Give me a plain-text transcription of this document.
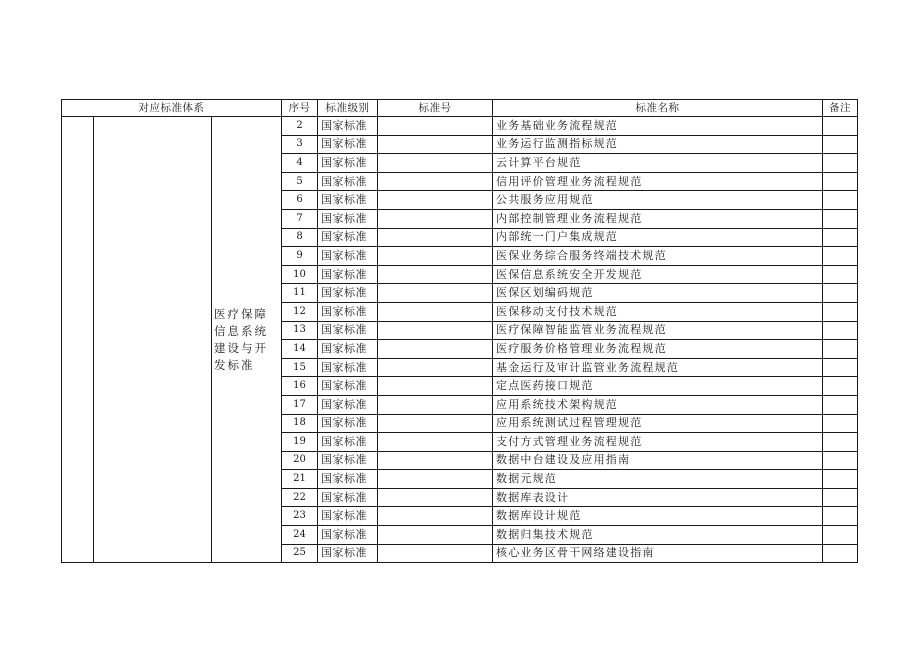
对应标准体系			序号	标准级别	标准号	标准名称	备注
		医疗保障信息系统建设与开发标准	2	国家标准		业务基础业务流程规范	
			3	国家标准		业务运行监测指标规范	
			4	国家标准		云计算平台规范	
			5	国家标准		信用评价管理业务流程规范	
			6	国家标准		公共服务应用规范	
			7	国家标准		内部控制管理业务流程规范	
			8	国家标准		内部统一门户集成规范	
			9	国家标准		医保业务综合服务终端技术规范	
			10	国家标准		医保信息系统安全开发规范	
			11	国家标准		医保区划编码规范	
			12	国家标准		医保移动支付技术规范	
			13	国家标准		医疗保障智能监管业务流程规范	
			14	国家标准		医疗服务价格管理业务流程规范	
			15	国家标准		基金运行及审计监管业务流程规范	
			16	国家标准		定点医药接口规范	
			17	国家标准		应用系统技术架构规范	
			18	国家标准		应用系统测试过程管理规范	
			19	国家标准		支付方式管理业务流程规范	
			20	国家标准		数据中台建设及应用指南	
			21	国家标准		数据元规范	
			22	国家标准		数据库表设计	
			23	国家标准		数据库设计规范	
			24	国家标准		数据归集技术规范	
			25	国家标准		核心业务区骨干网络建设指南	
